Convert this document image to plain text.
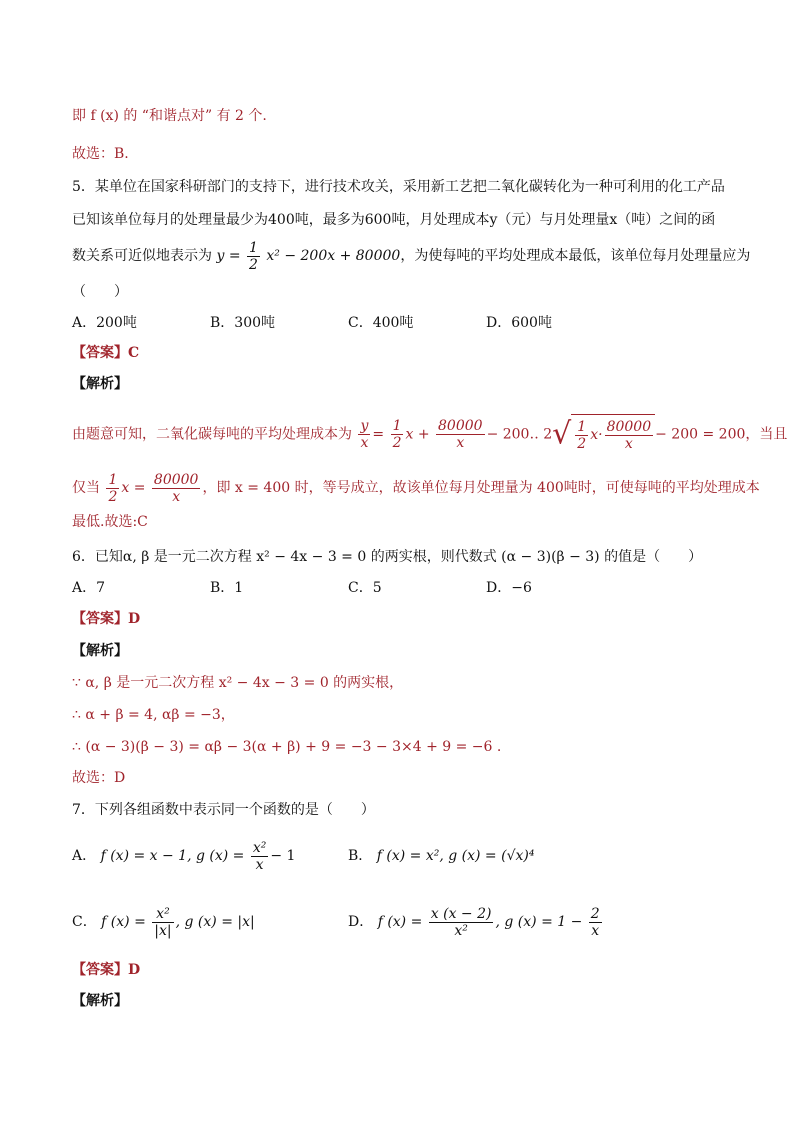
即 f (x) 的 “和谐点对” 有 2 个.
故选：B.
5．某单位在国家科研部门的支持下，进行技术攻关，采用新工艺把二氧化碳转化为一种可利用的化工产品
已知该单位每月的处理量最少为400吨，最多为600吨，月处理成本y（元）与月处理量x（吨）之间的函
数关系可近似地表示为 $y = \frac{1}{2} x^2 - 200x + 80000$，为使每吨的平均处理成本最低，该单位每月处理量应为
（　　）
A．200吨	B．300吨	C．400吨	D．600吨
【答案】C
【解析】
由题意可知，二氧化碳每吨的平均处理成本为 $\frac{y}{x} = \frac{1}{2}$ $x + \frac{80000}{x}$ − 200‥ $2√ \frac{1}{2} x\cdot \frac{80000}{x} - 200 = 200$，当且
仅当 $\frac{1}{2}$ $x = \frac{80000}{x}$ ，即 x = 400 时，等号成立，故该单位每月处理量为 400吨时，可使每吨的平均处理成本
最低.故选:C
6．已知α, β 是一元二次方程 x² − 4x − 3 = 0 的两实根，则代数式 (α − 3)(β − 3) 的值是（　　）
A．7	B．1	C．5	D．−6
【答案】D
【解析】
∵ α, β 是一元二次方程 x² − 4x − 3 = 0 的两实根，
∴ α + β = 4, αβ = −3，
∴ (α − 3)(β − 3) = αβ − 3(α + β) + 9 = −3 − 3×4 + 9 = −6 .
故选：D
7．下列各组函数中表示同一个函数的是（　　）
A． f (x) = x − 1, g $(x) = \frac{\text{x²}}{x} - 1$	B． f (x) = x², g (x) = (√x)⁴
C． f $(x) = \frac{\text{x²}}{|x|}$ , g (x) = |x|	D． f $(x) = \frac{x (x - 2)}{\text{x²}}$ , g $(x) = 1 - \frac{2}{x}$
【答案】D
【解析】
